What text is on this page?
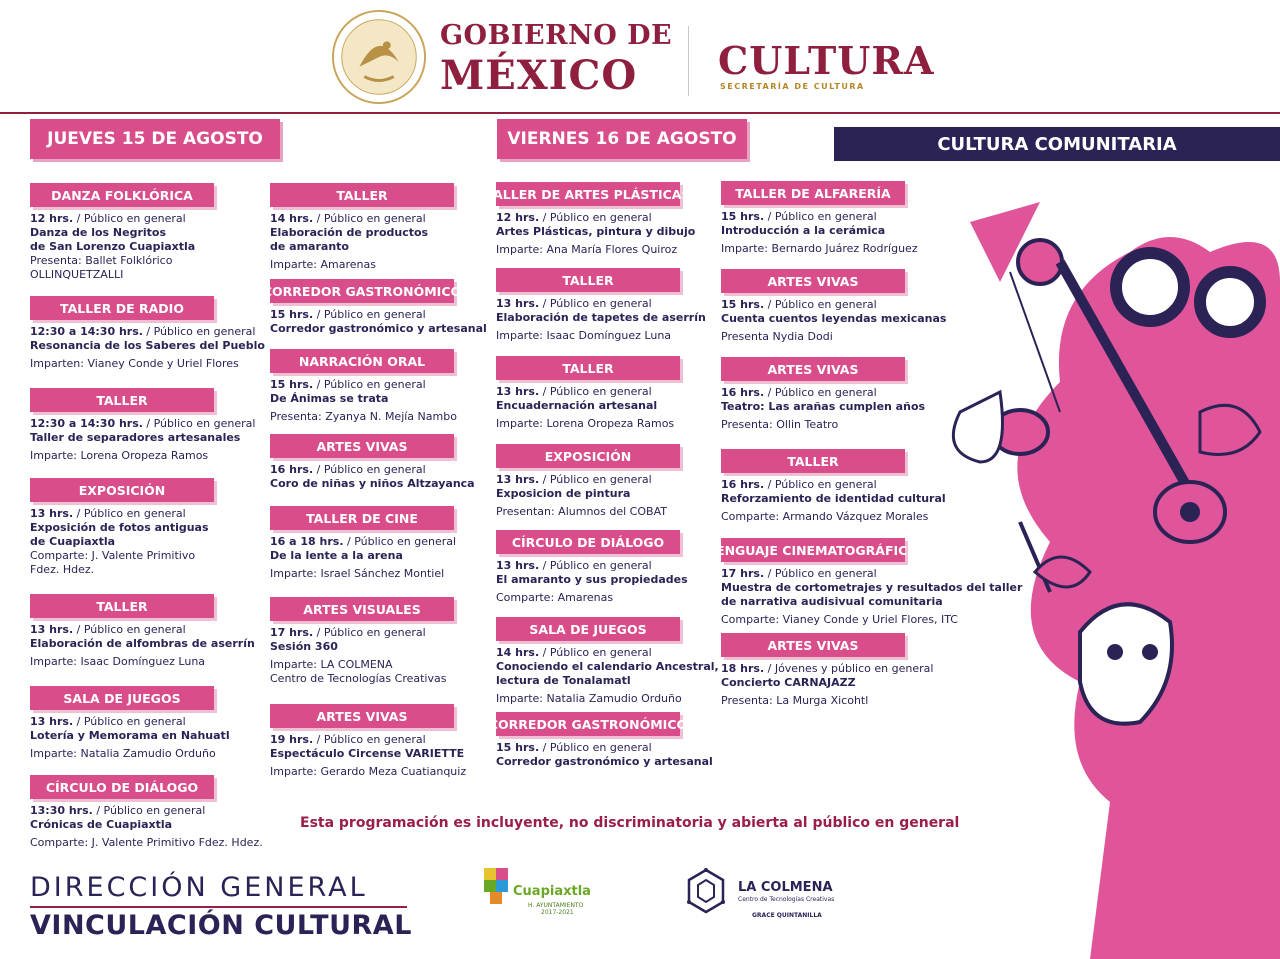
GOBIERNO DE
MÉXICO CULTURA
SECRETARÍA DE CULTURA
JUEVES 15 DE AGOSTO	VIERNES 16 DE AGOSTO	CULTURA COMUNITARIA
Esta programación es incluyente, no discriminatoria y abierta al público en general
DIRECCIÓN GENERAL
VINCULACIÓN CULTURAL
Cuapiaxtla
H. AYUNTAMIENTO
2017-2021
LA COLMENA
Centro de Tecnologías Creativas
GRACE QUINTANILLA
DANZA FOLKLÓRICA
12 hrs. / Público en general
Danza de los Negritos
de San Lorenzo Cuapiaxtla
Presenta: Ballet Folklórico
OLLINQUETZALLI
TALLER DE RADIO
12:30 a 14:30 hrs. / Público en general
Resonancia de los Saberes del Pueblo
Imparten: Vianey Conde y Uriel Flores
TALLER
12:30 a 14:30 hrs. / Público en general
Taller de separadores artesanales
Imparte: Lorena Oropeza Ramos
EXPOSICIÓN
13 hrs. / Público en general
Exposición de fotos antiguas
de Cuapiaxtla
Comparte: J. Valente Primitivo
Fdez. Hdez.
TALLER
13 hrs. / Público en general
Elaboración de alfombras de aserrín
Imparte: Isaac Domínguez Luna
SALA DE JUEGOS
13 hrs. / Público en general
Lotería y Memorama en Nahuatl
Imparte: Natalia Zamudio Orduño
CÍRCULO DE DIÁLOGO
13:30 hrs. / Público en general
Crónicas de Cuapiaxtla
Comparte: J. Valente Primitivo Fdez. Hdez.
TALLER
14 hrs. / Público en general
Elaboración de productos
de amaranto
Imparte: Amarenas
CORREDOR GASTRONÓMICO
15 hrs. / Público en general
Corredor gastronómico y artesanal
NARRACIÓN ORAL
15 hrs. / Público en general
De Ánimas se trata
Presenta: Zyanya N. Mejía Nambo
ARTES VIVAS
16 hrs. / Público en general
Coro de niñas y niños Altzayanca
TALLER DE CINE
16 a 18 hrs. / Público en general
De la lente a la arena
Imparte: Israel Sánchez Montiel
ARTES VISUALES
17 hrs. / Público en general
Sesión 360
Imparte: LA COLMENA
Centro de Tecnologías Creativas
ARTES VIVAS
19 hrs. / Público en general
Espectáculo Circense VARIETTE
Imparte: Gerardo Meza Cuatianquiz
TALLER DE ARTES PLÁSTICAS
12 hrs. / Público en general
Artes Plásticas, pintura y dibujo
Imparte: Ana María Flores Quiroz
TALLER
13 hrs. / Público en general
Elaboración de tapetes de aserrín
Imparte: Isaac Domínguez Luna
TALLER
13 hrs. / Público en general
Encuadernación artesanal
Imparte: Lorena Oropeza Ramos
EXPOSICIÓN
13 hrs. / Público en general
Exposicion de pintura
Presentan: Alumnos del COBAT
CÍRCULO DE DIÁLOGO
13 hrs. / Público en general
El amaranto y sus propiedades
Comparte: Amarenas
SALA DE JUEGOS
14 hrs. / Público en general
Conociendo el calendario Ancestral,
lectura de Tonalamatl
Imparte: Natalia Zamudio Orduño
CORREDOR GASTRONÓMICO
15 hrs. / Público en general
Corredor gastronómico y artesanal
TALLER DE ALFARERÍA
15 hrs. / Público en general
Introducción a la cerámica
Imparte: Bernardo Juárez Rodríguez
ARTES VIVAS
15 hrs. / Público en general
Cuenta cuentos leyendas mexicanas
Presenta Nydia Dodi
ARTES VIVAS
16 hrs. / Público en general
Teatro: Las arañas cumplen años
Presenta: Ollin Teatro
TALLER
16 hrs. / Público en general
Reforzamiento de identidad cultural
Comparte: Armando Vázquez Morales
LENGUAJE CINEMATOGRÁFICO
17 hrs. / Público en general
Muestra de cortometrajes y resultados del taller
de narrativa audisivual comunitaria
Comparte: Vianey Conde y Uriel Flores, ITC
ARTES VIVAS
18 hrs. / Jóvenes y público en general
Concierto CARNAJAZZ
Presenta: La Murga Xicohtl
